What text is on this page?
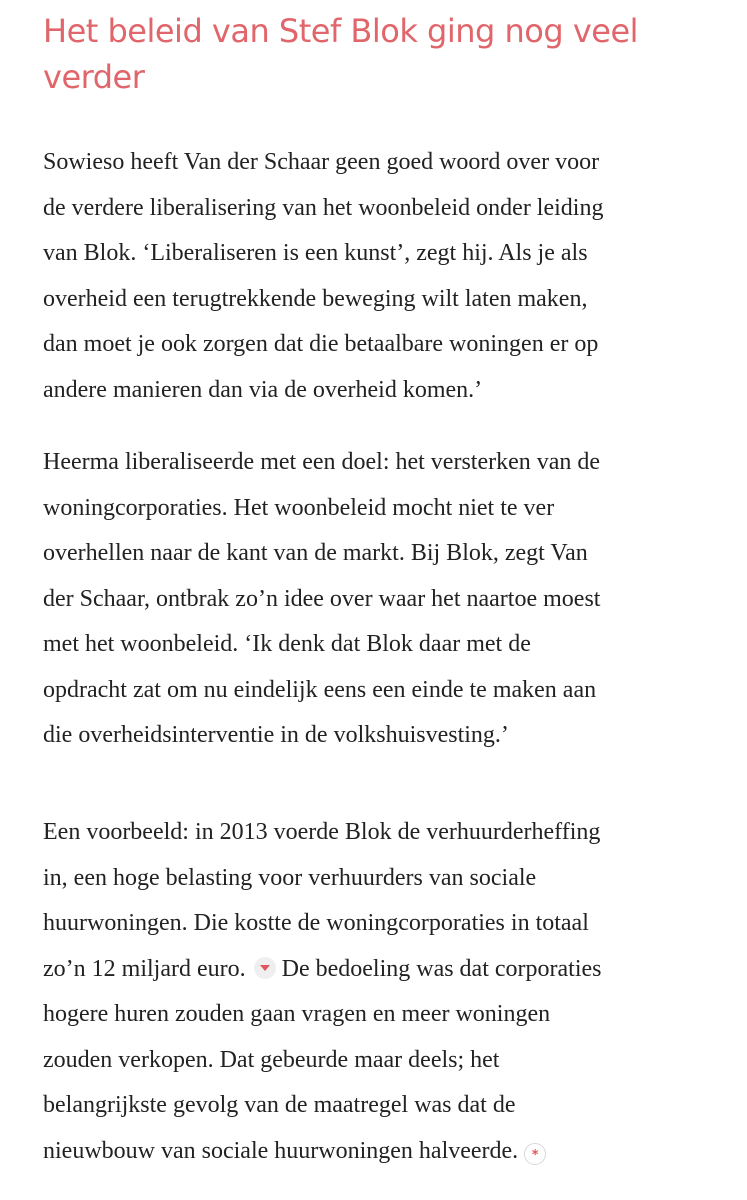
Het beleid van Stef Blok ging nog veel
verder

Sowieso heeft Van der Schaar geen goed woord over voor
de verdere liberalisering van het woonbeleid onder leiding
van Blok. ‘Liberaliseren is een kunst’, zegt hij. Als je als
overheid een terugtrekkende beweging wilt laten maken,
dan moet je ook zorgen dat die betaalbare woningen er op
andere manieren dan via de overheid komen.’

Heerma liberaliseerde met een doel: het versterken van de
woningcorporaties. Het woonbeleid mocht niet te ver
overhellen naar de kant van de markt. Bij Blok, zegt Van
der Schaar, ontbrak zo’n idee over waar het naartoe moest
met het woonbeleid. ‘Ik denk dat Blok daar met de
opdracht zat om nu eindelijk eens een einde te maken aan
die overheidsinterventie in de volkshuisvesting.’

Een voorbeeld: in 2013 voerde Blok de verhuurderheffing
in, een hoge belasting voor verhuurders van sociale
huurwoningen. Die kostte de woningcorporaties in totaal
zo’n 12 miljard euro. De bedoeling was dat corporaties
hogere huren zouden gaan vragen en meer woningen
zouden verkopen. Dat gebeurde maar deels; het
belangrijkste gevolg van de maatregel was dat de
nieuwbouw van sociale huurwoningen halveerde. *
